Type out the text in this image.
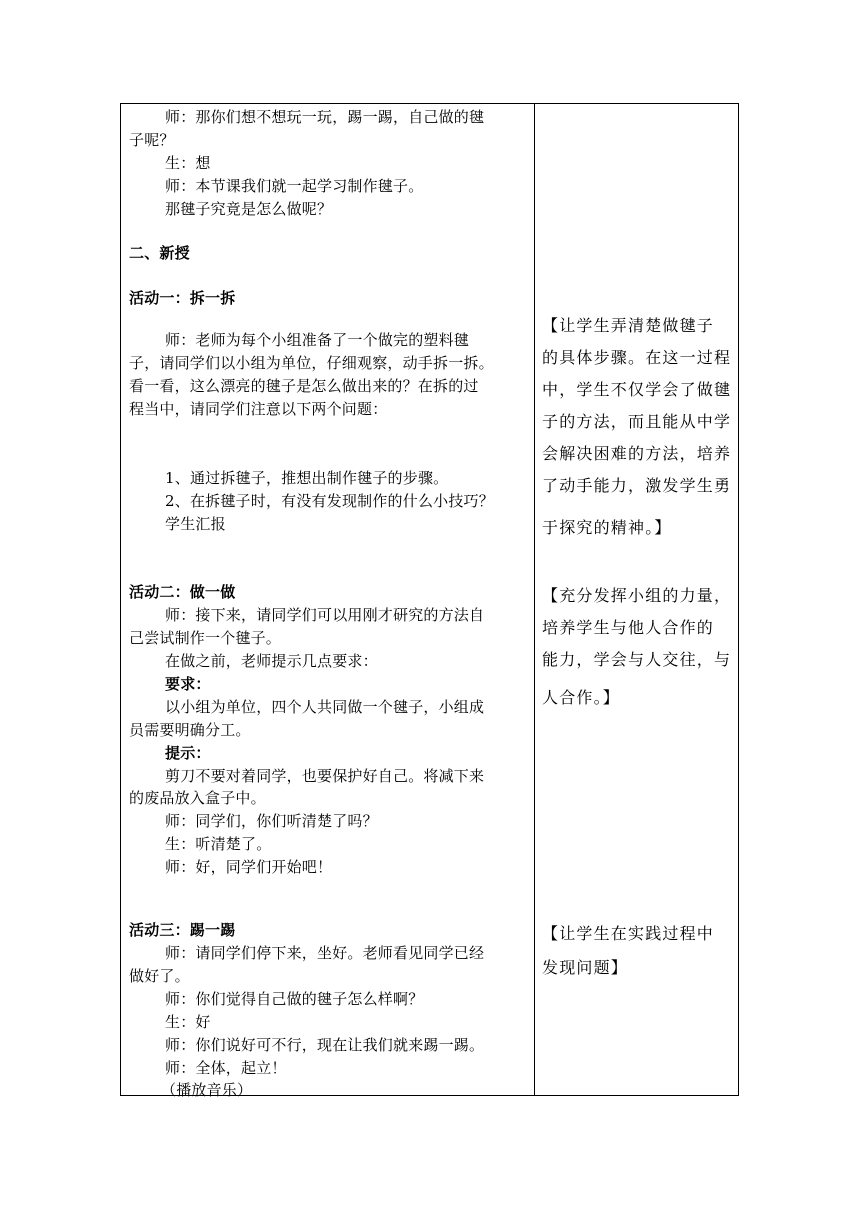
师：那你们想不想玩一玩，踢一踢，自己做的毽
子呢？
生：想
师：本节课我们就一起学习制作毽子。
那毽子究竟是怎么做呢？
二、新授
活动一：拆一拆
师：老师为每个小组准备了一个做完的塑料毽
子，请同学们以小组为单位，仔细观察，动手拆一拆。
看一看，这么漂亮的毽子是怎么做出来的？在拆的过
程当中，请同学们注意以下两个问题：
1、通过拆毽子，推想出制作毽子的步骤。
2、在拆毽子时，有没有发现制作的什么小技巧？
学生汇报
活动二：做一做
师：接下来，请同学们可以用刚才研究的方法自
己尝试制作一个毽子。
在做之前，老师提示几点要求：
要求：
以小组为单位，四个人共同做一个毽子，小组成
员需要明确分工。
提示：
剪刀不要对着同学，也要保护好自己。将减下来
的废品放入盒子中。
师：同学们，你们听清楚了吗？
生：听清楚了。
师：好，同学们开始吧！
活动三：踢一踢
师：请同学们停下来，坐好。老师看见同学已经
做好了。
师：你们觉得自己做的毽子怎么样啊？
生：好
师：你们说好可不行，现在让我们就来踢一踢。
师：全体，起立！
（播放音乐）
【让学生弄清楚做毽子
的具体步骤。在这一过程
中，学生不仅学会了做毽
子的方法，而且能从中学
会解决困难的方法，培养
了动手能力，激发学生勇
于探究的精神。】
【充分发挥小组的力量，
培养学生与他人合作的
能力，学会与人交往，与
人合作。】
【让学生在实践过程中
发现问题】
